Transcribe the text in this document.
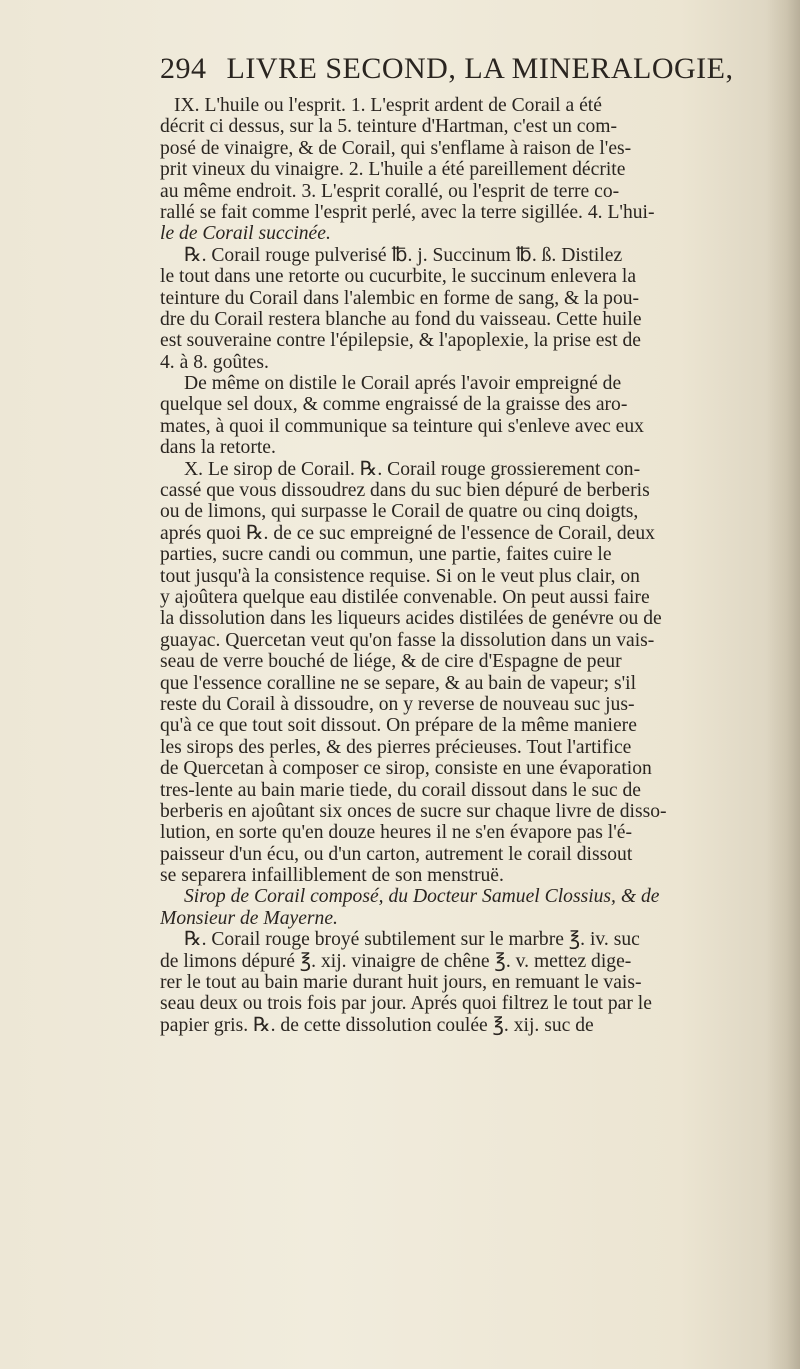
294 LIVRE SECOND, LA MINERALOGIE,
IX. L'huile ou l'esprit. 1. L'esprit ardent de Corail a été
décrit ci dessus, sur la 5. teinture d'Hartman, c'est un com-
posé de vinaigre, & de Corail, qui s'enflame à raison de l'es-
prit vineux du vinaigre. 2. L'huile a été pareillement décrite
au même endroit. 3. L'esprit corallé, ou l'esprit de terre co-
rallé se fait comme l'esprit perlé, avec la terre sigillée. 4. L'hui-
le de Corail succinée.
℞. Corail rouge pulverisé ℔. j. Succinum ℔. ß. Distilez
le tout dans une retorte ou cucurbite, le succinum enlevera la
teinture du Corail dans l'alembic en forme de sang, & la pou-
dre du Corail restera blanche au fond du vaisseau. Cette huile
est souveraine contre l'épilepsie, & l'apoplexie, la prise est de
4. à 8. goûtes.
De même on distile le Corail aprés l'avoir empreigné de
quelque sel doux, & comme engraissé de la graisse des aro-
mates, à quoi il communique sa teinture qui s'enleve avec eux
dans la retorte.
X. Le sirop de Corail. ℞. Corail rouge grossierement con-
cassé que vous dissoudrez dans du suc bien dépuré de berberis
ou de limons, qui surpasse le Corail de quatre ou cinq doigts,
aprés quoi ℞. de ce suc empreigné de l'essence de Corail, deux
parties, sucre candi ou commun, une partie, faites cuire le
tout jusqu'à la consistence requise. Si on le veut plus clair, on
y ajoûtera quelque eau distilée convenable. On peut aussi faire
la dissolution dans les liqueurs acides distilées de genévre ou de
guayac. Quercetan veut qu'on fasse la dissolution dans un vais-
seau de verre bouché de liége, & de cire d'Espagne de peur
que l'essence coralline ne se separe, & au bain de vapeur; s'il
reste du Corail à dissoudre, on y reverse de nouveau suc jus-
qu'à ce que tout soit dissout. On prépare de la même maniere
les sirops des perles, & des pierres précieuses. Tout l'artifice
de Quercetan à composer ce sirop, consiste en une évaporation
tres-lente au bain marie tiede, du corail dissout dans le suc de
berberis en ajoûtant six onces de sucre sur chaque livre de disso-
lution, en sorte qu'en douze heures il ne s'en évapore pas l'é-
paisseur d'un écu, ou d'un carton, autrement le corail dissout
se separera infailliblement de son menstruë.
Sirop de Corail composé, du Docteur Samuel Clossius, & de
Monsieur de Mayerne.
℞. Corail rouge broyé subtilement sur le marbre ℥. iv. suc
de limons dépuré ℥. xij. vinaigre de chêne ℥. v. mettez dige-
rer le tout au bain marie durant huit jours, en remuant le vais-
seau deux ou trois fois par jour. Aprés quoi filtrez le tout par le
papier gris. ℞. de cette dissolution coulée ℥. xij. suc de
